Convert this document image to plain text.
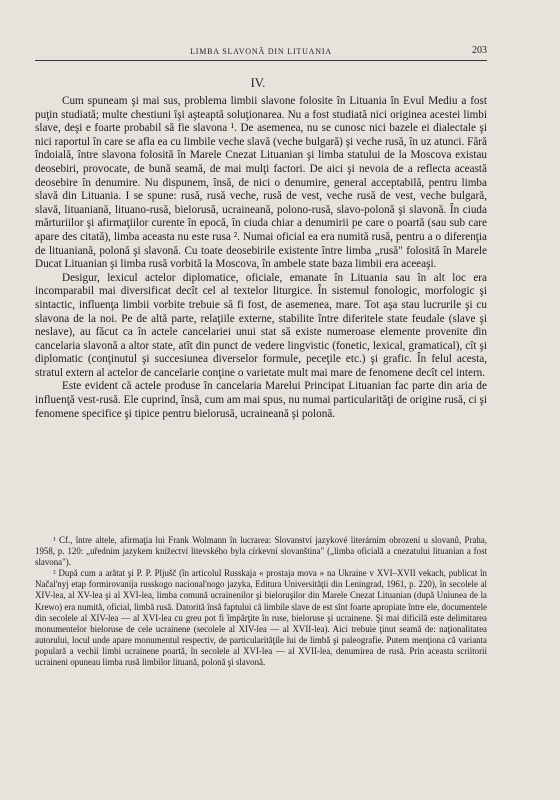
LIMBA SLAVONĂ DIN LITUANIA	203
IV.

Cum spuneam şi mai sus, problema limbii slavone folosite în Lituania în Evul Mediu a fost puţin studiată; multe chestiuni îşi aşteaptă soluţionarea. Nu a fost studiată nici originea acestei limbi slave, deşi e foarte probabil să fie slavona ¹. De asemenea, nu se cunosc nici bazele ei dialectale şi nici raportul în care se afla ea cu limbile veche slavă (veche bulgară) şi veche rusă, în uz atunci. Fără îndoială, între slavona folosită în Marele Cnezat Lituanian şi limba statului de la Moscova existau deosebiri, provocate, de bună seamă, de mai mulţi factori. De aici şi nevoia de a reflecta această deosebire în denumire. Nu dispunem, însă, de nici o denumire, general acceptabilă, pentru limba slavă din Lituania. I se spune: rusă, rusă veche, rusă de vest, veche rusă de vest, veche bulgară, slavă, lituaniană, lituano-rusă, bielorusă, ucraineană, polono-rusă, slavo-polonă şi slavonă. În ciuda mărturiilor şi afirmaţiilor curente în epocă, în ciuda chiar a denumirii pe care o poartă (sau sub care apare des citată), limba aceasta nu este rusa ². Numai oficial ea era numită rusă, pentru a o diferenţia de lituaniană, polonă şi slavonă. Cu toate deosebirile existente între limba „rusă" folosită în Marele Ducat Lituanian şi limba rusă vorbită la Moscova, în ambele state baza limbii era aceeaşi.

Desigur, lexicul actelor diplomatice, oficiale, emanate în Lituania sau în alt loc era incomparabil mai diversificat decît cel al textelor liturgice. În sistemul fonologic, morfologic şi sintactic, influenţa limbii vorbite trebuie să fi fost, de asemenea, mare. Tot aşa stau lucrurile şi cu slavona de la noi. Pe de altă parte, relaţiile externe, stabilite între diferitele state feudale (slave şi neslave), au făcut ca în actele cancelariei unui stat să existe numeroase elemente provenite din cancelaria slavonă a altor state, atît din punct de vedere lingvistic (fonetic, lexical, gramatical), cît şi diplomatic (conţinutul şi succesiunea diverselor formule, peceţile etc.) şi grafic. În felul acesta, stratul extern al actelor de cancelarie conţine o varietate mult mai mare de fenomene decît cel intern.

Este evident că actele produse în cancelaria Marelui Principat Lituanian fac parte din aria de influenţă vest-rusă. Ele cuprind, însă, cum am mai spus, nu numai particularităţi de origine rusă, ci şi fenomene specifice şi tipice pentru bielorusă, ucraineană şi polonă.

¹ Cf., între altele, afirmaţia lui Frank Wolmann în lucrarea: Slovanství jazykové literárním obrození u slovanů, Praha, 1958, p. 120: „uředním jazykem knížectví litevského byla církevní slovanština" („limba oficială a cnezatului lituanian a fost slavona").

² După cum a arătat şi P. P. Pljušč (în articolul Russkaja « prostaja mova » na Ukraine v XVI–XVII vekach, publicat în Načal'nyj etap formirovanija russkogo nacional'nogo jazyka, Editura Universităţii din Leningrad, 1961, p. 220), în secolele al XIV-lea, al XV-lea şi al XVI-lea, limba comună ucrainenilor şi bieloruşilor din Marele Cnezat Lituanian (după Uniunea de la Krewo) era numită, oficial, limbă rusă. Datorită însă faptului că limbile slave de est sînt foarte apropiate între ele, documentele din secolele al XIV-lea — al XVI-lea cu greu pot fi împărţite în ruse, bieloruse şi ucrainene. Şi mai dificilă este delimitarea monumentelor bieloruse de cele ucrainene (secolele al XIV-lea — al XVII-lea). Aici trebuie ţinut seamă de: naţionalitatea autorului, locul unde apare monumentul respectiv, de particularităţile lui de limbă şi paleografie. Putem menţiona că varianta populară a vechii limbi ucrainene poartă, în secolele al XVI-lea — al XVII-lea, denumirea de rusă. Prin aceasta scriitorii ucraineni opuneau limba rusă limbilor lituană, polonă şi slavonă.
